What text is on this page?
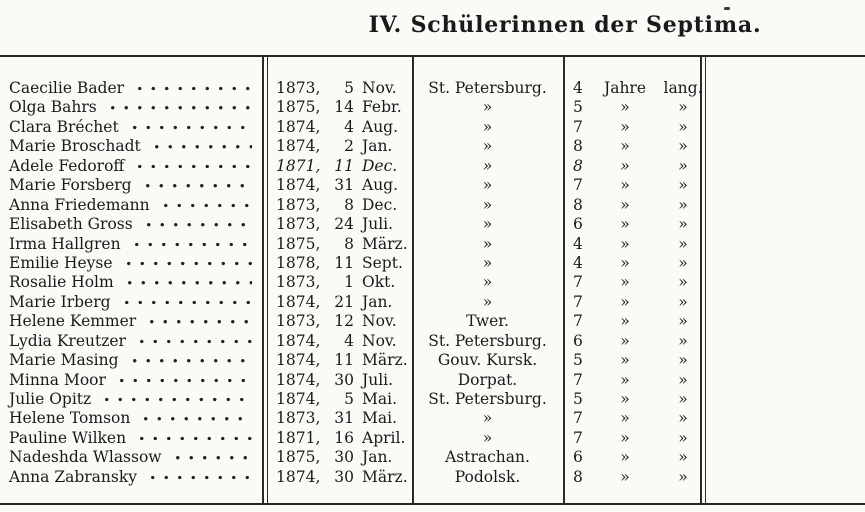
IV. Schülerinnen der Septima.
Caecilie Bader	1873,	5 Nov.	St. Petersburg.	4	Jahre	lang.
Olga Bahrs	1875, 14 Febr.	»	5	»	»
Clara Bréchet	1874,	4 Aug.	»	7	»	»
Marie Broschadt	1874,	2 Jan.	»	8	»	»
Adele Fedoroff	1871, 11 Dec.	»	8	»	»
Marie Forsberg	1874, 31 Aug.	»	7	»	»
Anna Friedemann	1873,	8 Dec.	»	8	»	»
Elisabeth Gross	1873, 24 Juli.	»	6	»	»
Irma Hallgren	1875,	8 März.	»	4	»	»
Emilie Heyse	1878, 11 Sept.	»	4	»	»
Rosalie Holm	1873,	1 Okt.	»	7	»	»
Marie Irberg	1874, 21 Jan.	»	7	»	»
Helene Kemmer	1873, 12 Nov.	Twer.	7	»	»
Lydia Kreutzer	1874,	4 Nov.	St. Petersburg.	6	»	»
Marie Masing	1874, 11 März.	Gouv. Kursk.	5	»	»
Minna Moor	1874, 30 Juli.	Dorpat.	7	»	»
Julie Opitz	1874,	5 Mai.	St. Petersburg.	5	»	»
Helene Tomson	1873, 31 Mai.	»	7	»	»
Pauline Wilken	1871, 16 April.	»	7	»	»
Nadeshda Wlassow	1875, 30 Jan.	Astrachan.	6	»	»
Anna Zabransky	1874, 30 März.	Podolsk.	8	»	»
